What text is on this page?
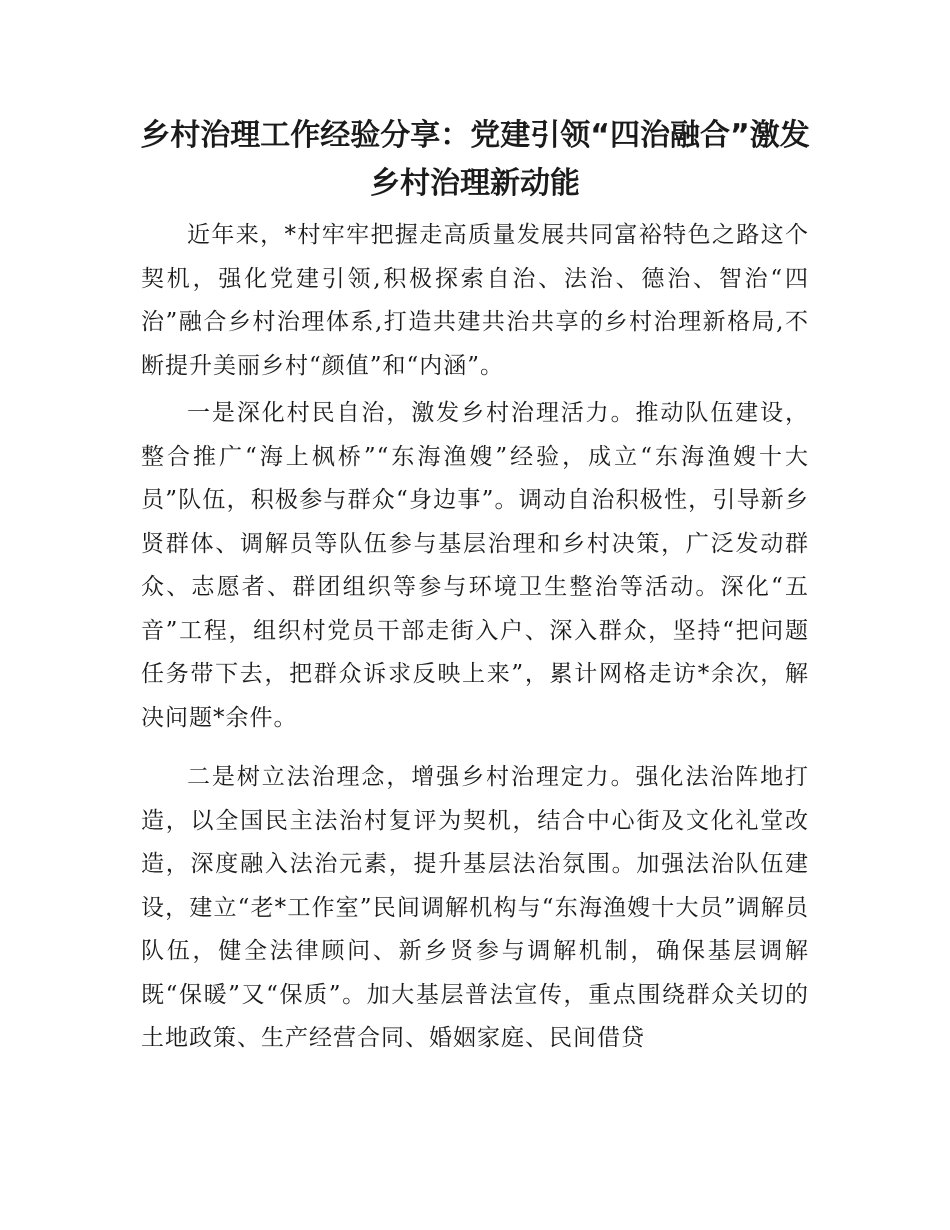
乡村治理工作经验分享：党建引领“四治融合”激发乡村治理新动能

近年来，*村牢牢把握走高质量发展共同富裕特色之路这个契机，强化党建引领,积极探索自治、法治、德治、智治“四治”融合乡村治理体系,打造共建共治共享的乡村治理新格局,不断提升美丽乡村“颜值”和“内涵”。

一是深化村民自治，激发乡村治理活力。推动队伍建设，整合推广“海上枫桥”“东海渔嫂”经验，成立“东海渔嫂十大员”队伍，积极参与群众“身边事”。调动自治积极性，引导新乡贤群体、调解员等队伍参与基层治理和乡村决策，广泛发动群众、志愿者、群团组织等参与环境卫生整治等活动。深化“五音”工程，组织村党员干部走街入户、深入群众，坚持“把问题任务带下去，把群众诉求反映上来”，累计网格走访*余次，解决问题*余件。

二是树立法治理念，增强乡村治理定力。强化法治阵地打造，以全国民主法治村复评为契机，结合中心街及文化礼堂改造，深度融入法治元素，提升基层法治氛围。加强法治队伍建设，建立“老*工作室”民间调解机构与“东海渔嫂十大员”调解员队伍，健全法律顾问、新乡贤参与调解机制，确保基层调解既“保暖”又“保质”。加大基层普法宣传，重点围绕群众关切的土地政策、生产经营合同、婚姻家庭、民间借贷
